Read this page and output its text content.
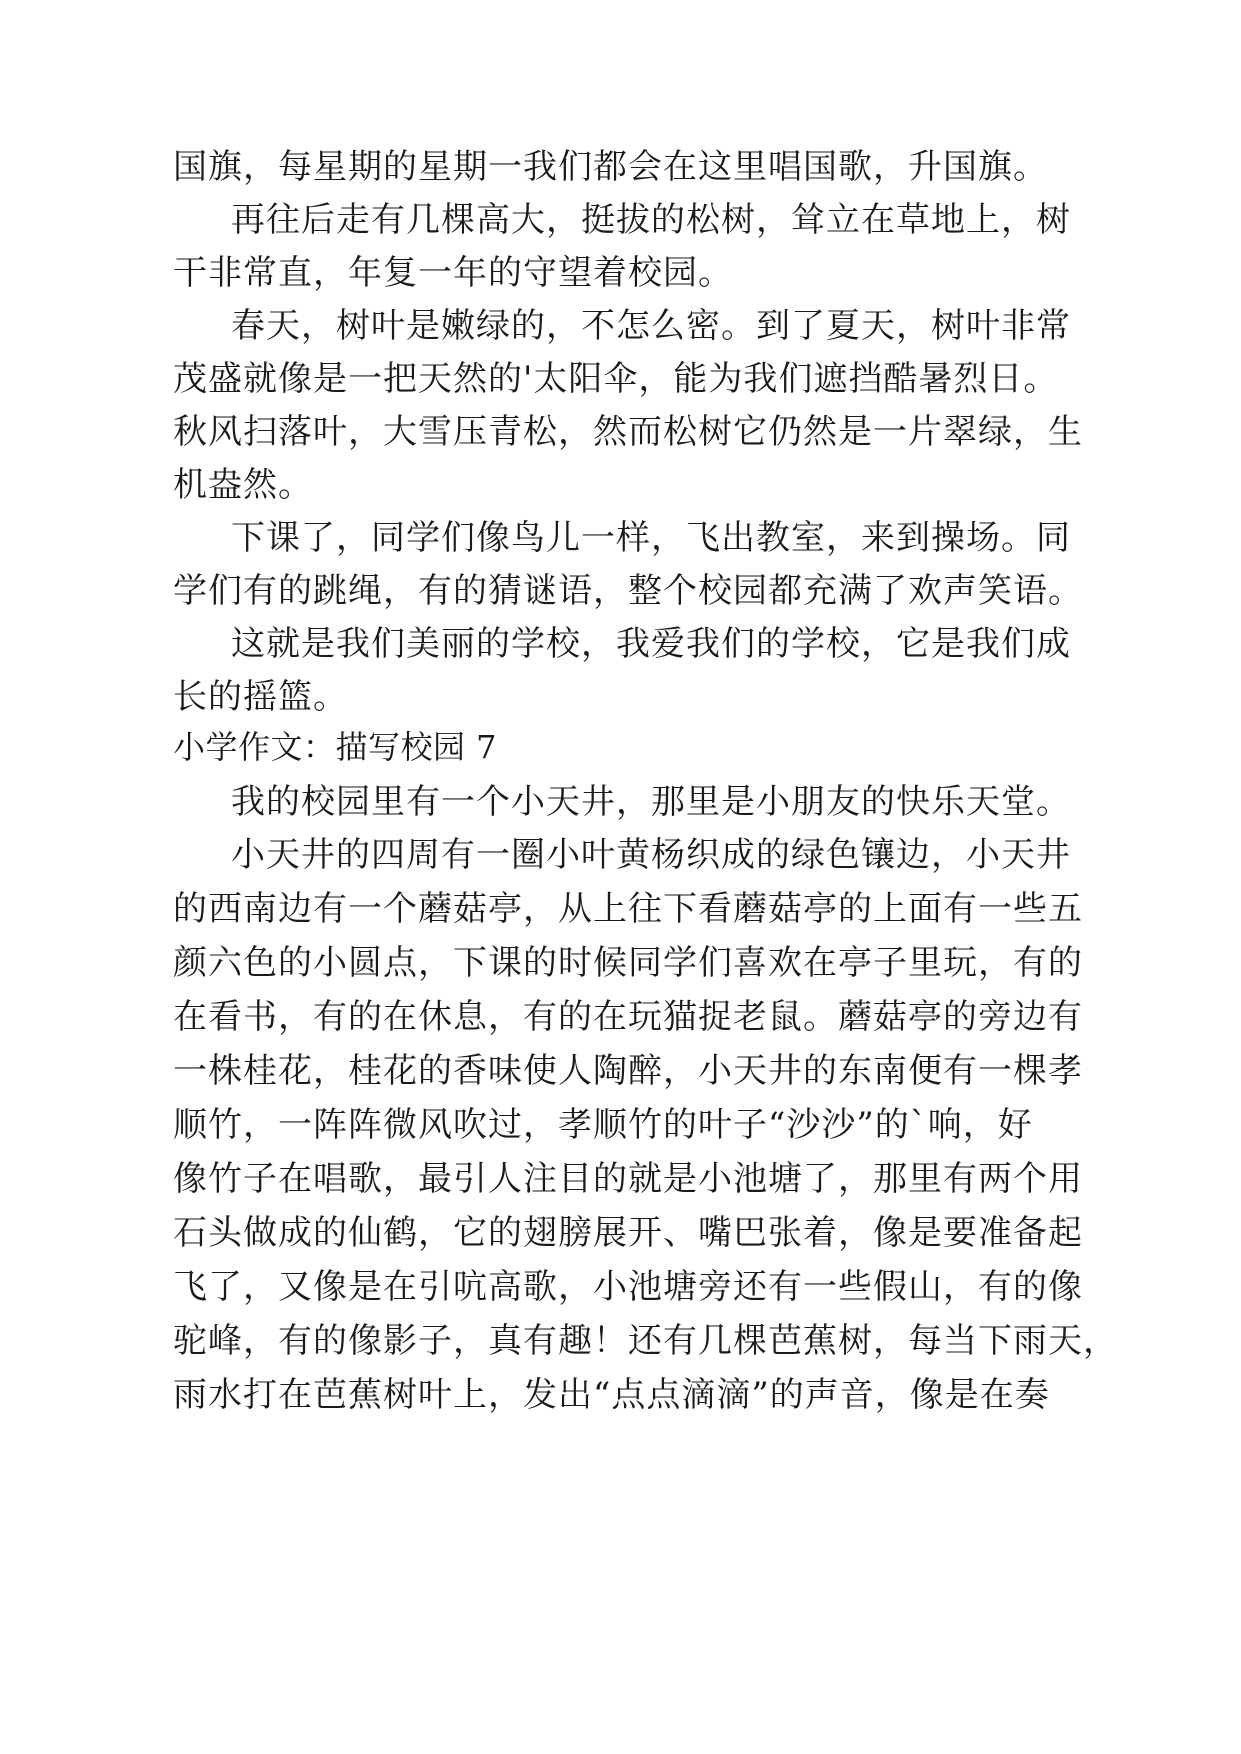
国旗，每星期的星期一我们都会在这里唱国歌，升国旗。
再往后走有几棵高大，挺拔的松树，耸立在草地上，树
干非常直，年复一年的守望着校园。
春天，树叶是嫩绿的，不怎么密。到了夏天，树叶非常
茂盛就像是一把天然的'太阳伞，能为我们遮挡酷暑烈日。
秋风扫落叶，大雪压青松，然而松树它仍然是一片翠绿，生
机盎然。
下课了，同学们像鸟儿一样，飞出教室，来到操场。同
学们有的跳绳，有的猜谜语，整个校园都充满了欢声笑语。
这就是我们美丽的学校，我爱我们的学校，它是我们成
长的摇篮。
小学作文：描写校园 7
我的校园里有一个小天井，那里是小朋友的快乐天堂。
小天井的四周有一圈小叶黄杨织成的绿色镶边，小天井
的西南边有一个蘑菇亭，从上往下看蘑菇亭的上面有一些五
颜六色的小圆点，下课的时候同学们喜欢在亭子里玩，有的
在看书，有的在休息，有的在玩猫捉老鼠。蘑菇亭的旁边有
一株桂花，桂花的香味使人陶醉，小天井的东南便有一棵孝
顺竹，一阵阵微风吹过，孝顺竹的叶子“沙沙”的`响，好
像竹子在唱歌，最引人注目的就是小池塘了，那里有两个用
石头做成的仙鹤，它的翅膀展开、嘴巴张着，像是要准备起
飞了，又像是在引吭高歌，小池塘旁还有一些假山，有的像
驼峰，有的像影子，真有趣！还有几棵芭蕉树，每当下雨天，
雨水打在芭蕉树叶上，发出“点点滴滴”的声音，像是在奏
